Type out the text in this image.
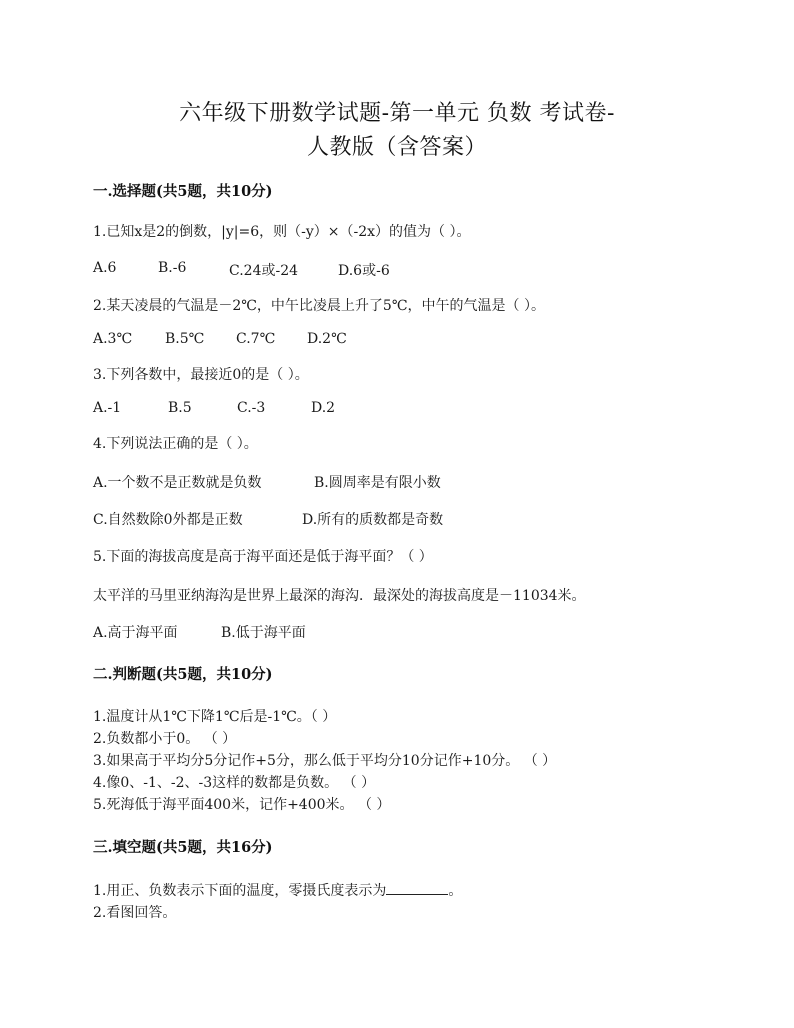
六年级下册数学试题-第一单元 负数 考试卷-
人教版（含答案）
一.选择题(共5题，共10分)
1.已知x是2的倒数，|y|=6，则（-y）×（-2x）的值为（ ）。
A.6	B.-6	C.24或-24	D.6或-6
2.某天凌晨的气温是－2℃，中午比凌晨上升了5℃，中午的气温是（ ）。
A.3℃ B.5℃ C.7℃ D.2℃
3.下列各数中，最接近0的是（ ）。
A.-1	B.5	C.-3	D.2
4.下列说法正确的是（ ）。
A.一个数不是正数就是负数	B.圆周率是有限小数
C.自然数除0外都是正数	D.所有的质数都是奇数
5.下面的海拔高度是高于海平面还是低于海平面？（ ）
太平洋的马里亚纳海沟是世界上最深的海沟．最深处的海拔高度是－11034米。
A.高于海平面	B.低于海平面
二.判断题(共5题，共10分)
1.温度计从1℃下降1℃后是-1℃。（ ）
2.负数都小于0。 （ ）
3.如果高于平均分5分记作+5分，那么低于平均分10分记作+10分。 （ ）
4.像0、-1、-2、-3这样的数都是负数。 （ ）
5.死海低于海平面400米，记作+400米。 （ ）
三.填空题(共5题，共16分)
1.用正、负数表示下面的温度，零摄氏度表示为	。
2.看图回答。
